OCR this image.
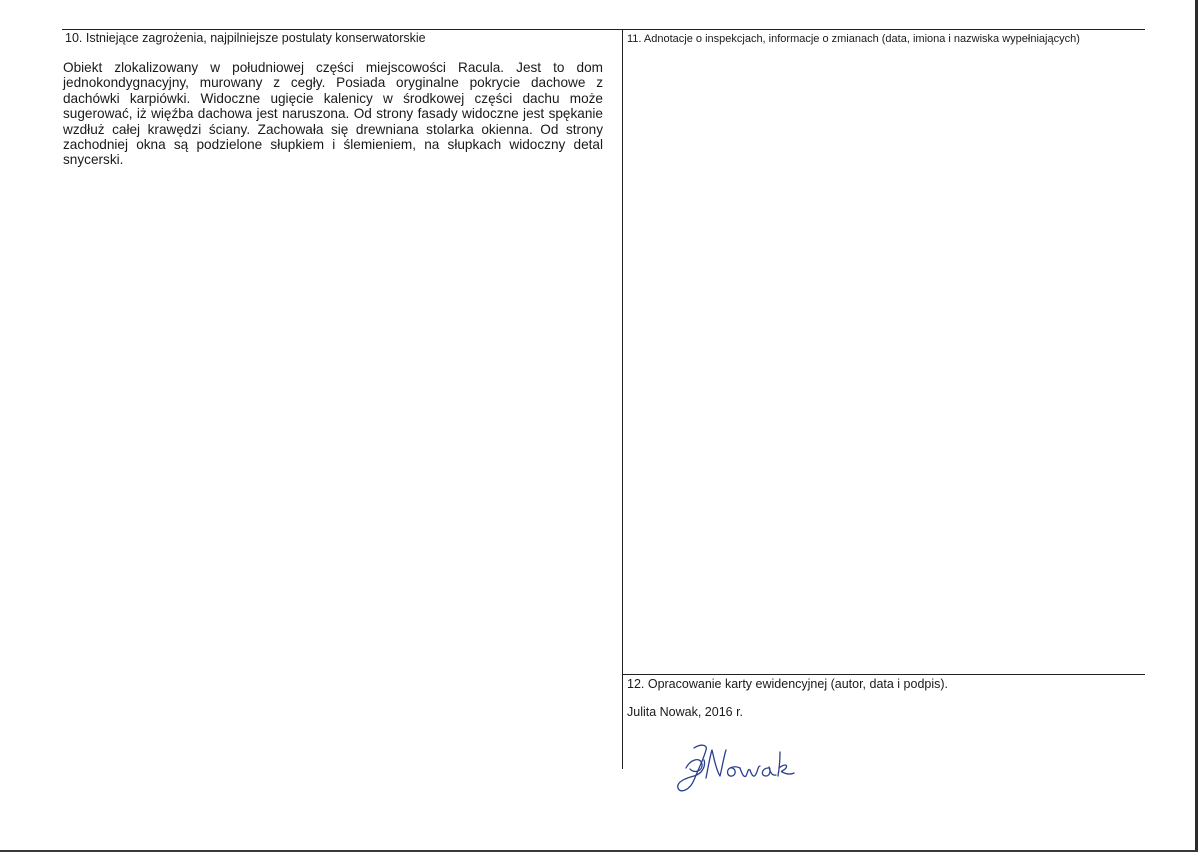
10. Istniejące zagrożenia, najpilniejsze postulaty konserwatorskie
Obiekt zlokalizowany w południowej części miejscowości Racula. Jest to dom jednokondygnacyjny, murowany z cegły. Posiada oryginalne pokrycie dachowe z dachówki karpiówki. Widoczne ugięcie kalenicy w środkowej części dachu może sugerować, iż więźba dachowa jest naruszona. Od strony fasady widoczne jest spękanie wzdłuż całej krawędzi ściany. Zachowała się drewniana stolarka okienna. Od strony zachodniej okna są podzielone słupkiem i ślemieniem, na słupkach widoczny detal snycerski.
11. Adnotacje o inspekcjach, informacje o zmianach (data, imiona i nazwiska wypełniających)
12. Opracowanie karty ewidencyjnej (autor, data i podpis).
Julita Nowak, 2016 r.
